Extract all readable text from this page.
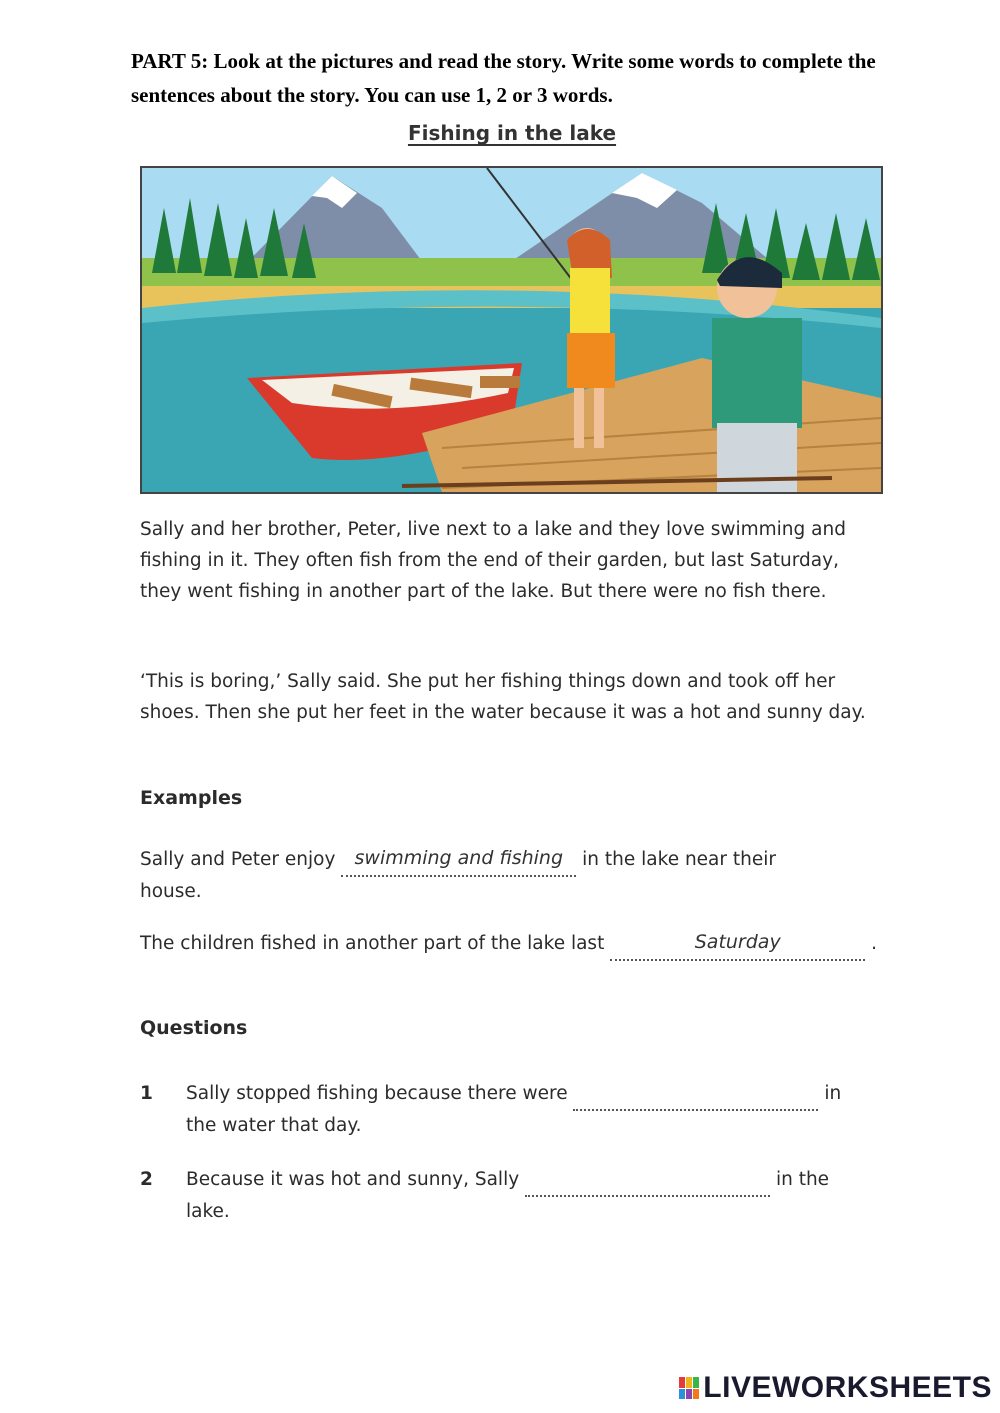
PART 5: Look at the pictures and read the story. Write some words to complete the sentences about the story. You can use 1, 2 or 3 words.
Fishing in the lake
Sally and her brother, Peter, live next to a lake and they love swimming and fishing in it. They often fish from the end of their garden, but last Saturday, they went fishing in another part of the lake. But there were no fish there.
‘This is boring,’ Sally said. She put her fishing things down and took off her shoes. Then she put her feet in the water because it was a hot and sunny day.
Examples
Sally and Peter enjoy	swimming and fishing	in the lake near their
house.
The children fished in another part of the lake last	Saturday	.
Questions
1 Sally stopped fishing because there were	in
the water that day.
2 Because it was hot and sunny, Sally	in the
lake.
LIVEWORKSHEETS
